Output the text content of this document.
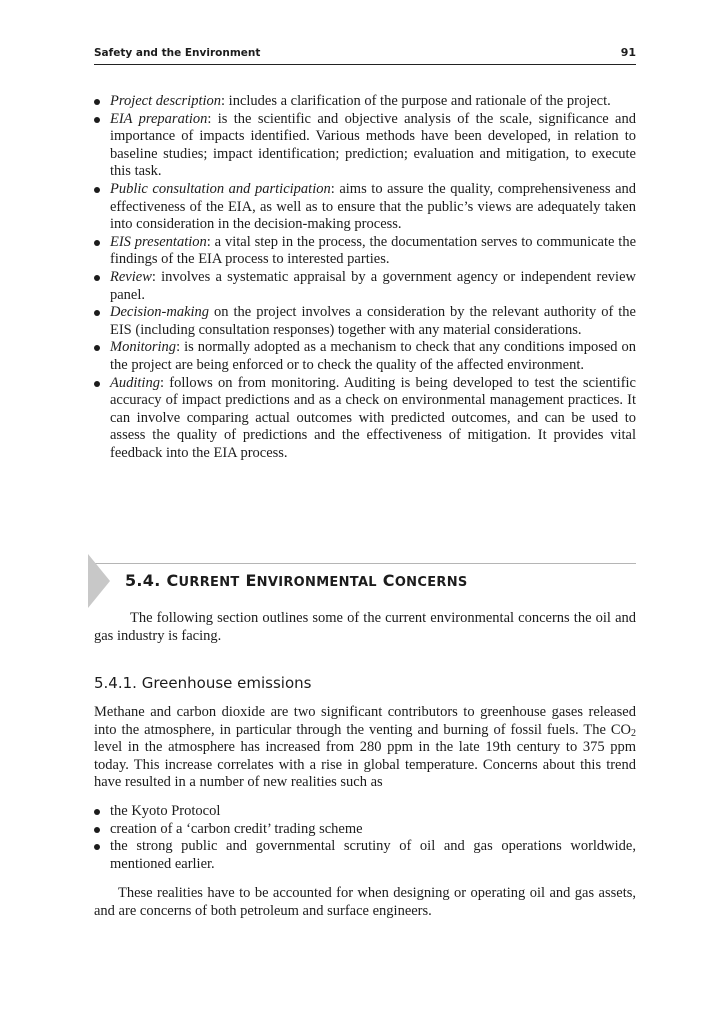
Safety and the Environment	91
Project description: includes a clarification of the purpose and rationale of the project.
EIA preparation: is the scientific and objective analysis of the scale, significance and importance of impacts identified. Various methods have been developed, in relation to baseline studies; impact identification; prediction; evaluation and mitigation, to execute this task.
Public consultation and participation: aims to assure the quality, comprehensiveness and effectiveness of the EIA, as well as to ensure that the public’s views are adequately taken into consideration in the decision-making process.
EIS presentation: a vital step in the process, the documentation serves to communicate the findings of the EIA process to interested parties.
Review: involves a systematic appraisal by a government agency or independent review panel.
Decision-making on the project involves a consideration by the relevant authority of the EIS (including consultation responses) together with any material considerations.
Monitoring: is normally adopted as a mechanism to check that any conditions imposed on the project are being enforced or to check the quality of the affected environment.
Auditing: follows on from monitoring. Auditing is being developed to test the scientific accuracy of impact predictions and as a check on environmental management practices. It can involve comparing actual outcomes with predicted outcomes, and can be used to assess the quality of predictions and the effectiveness of mitigation. It provides vital feedback into the EIA process.
5.4. CURRENT ENVIRONMENTAL CONCERNS

The following section outlines some of the current environmental concerns the oil and gas industry is facing.

5.4.1. Greenhouse emissions

Methane and carbon dioxide are two significant contributors to greenhouse gases released into the atmosphere, in particular through the venting and burning of fossil fuels. The $CO_2$ level in the atmosphere has increased from 280 ppm in the late 19th century to 375 ppm today. This increase correlates with a rise in global temperature. Concerns about this trend have resulted in a number of new realities such as

the Kyoto Protocol
creation of a ‘carbon credit’ trading scheme
the strong public and governmental scrutiny of oil and gas operations worldwide, mentioned earlier.

These realities have to be accounted for when designing or operating oil and gas assets, and are concerns of both petroleum and surface engineers.
